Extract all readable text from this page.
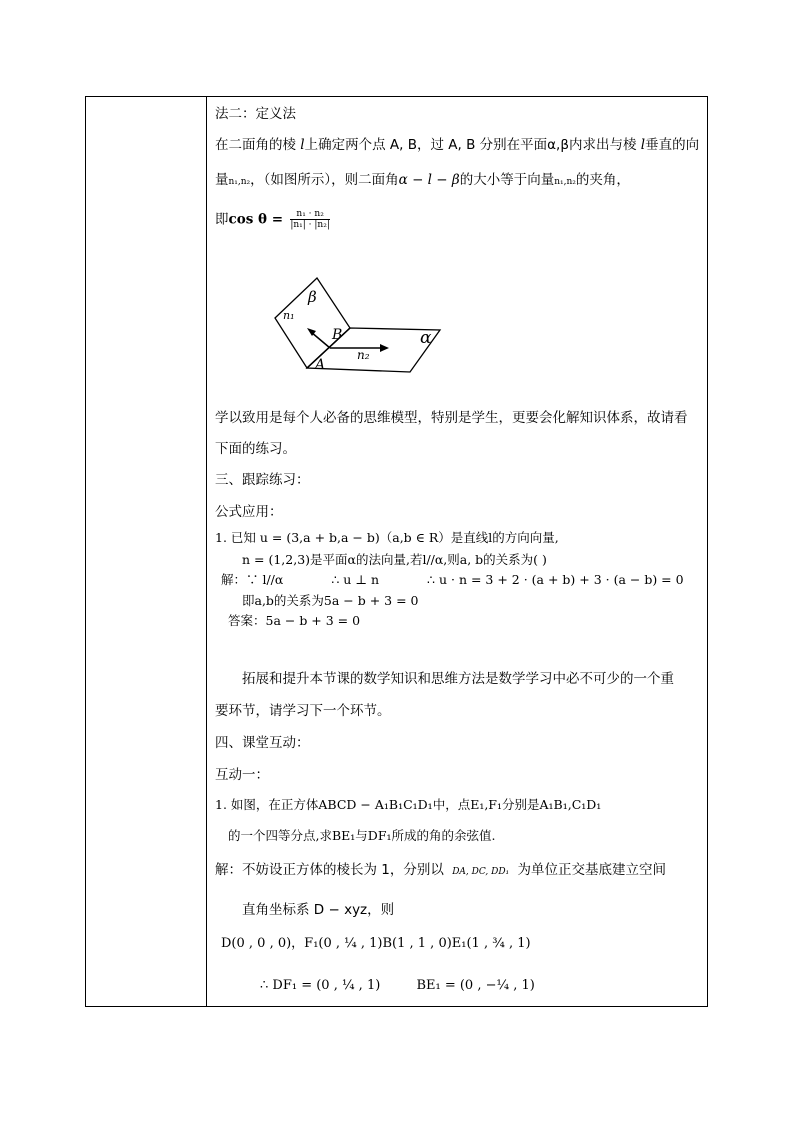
法二：定义法
在二面角的棱 l上确定两个点 A, B，过 A, B 分别在平面α,β内求出与棱 l垂直的向
量n₁,n₂，（如图所示），则二面角α − l − β的大小等于向量n₁,n₂的夹角，
即$\cos \theta = \frac{\text{n₁ · n₂}}{\text{|n₁| · |n₂|}}$
β
α
n₁
n₂
B
A
学以致用是每个人必备的思维模型，特别是学生，更要会化解知识体系，故请看
下面的练习。
三、跟踪练习：
公式应用：
1. 已知 u = (3,a + b,a − b)（a,b ∈ R）是直线l的方向向量,
n = (1,2,3)是平面α的法向量,若l//α,则a, b的关系为( )
解：∵ l//α	∴ u ⊥ n	∴ u · n = 3 + 2 · (a + b) + 3 · (a − b) = 0
即a,b的关系为5a − b + 3 = 0
答案：5a − b + 3 = 0
拓展和提升本节课的数学知识和思维方法是数学学习中必不可少的一个重
要环节，请学习下一个环节。
四、课堂互动：
互动一：
1. 如图，在正方体ABCD − A₁B₁C₁D₁中，点E₁,F₁分别是A₁B₁,C₁D₁
的一个四等分点,求BE₁与DF₁所成的角的余弦值.
解：不妨设正方体的棱长为 1，分别以 DA, DC, DD₁ 为单位正交基底建立空间
直角坐标系 D − xyz，则
D(0 , 0 , 0)，F₁(0 , ¼ , 1)B(1 , 1 , 0)E₁(1 , ¾ , 1)
∴ DF₁ = (0 , ¼ , 1)	BE₁ = (0 , −¼ , 1)
